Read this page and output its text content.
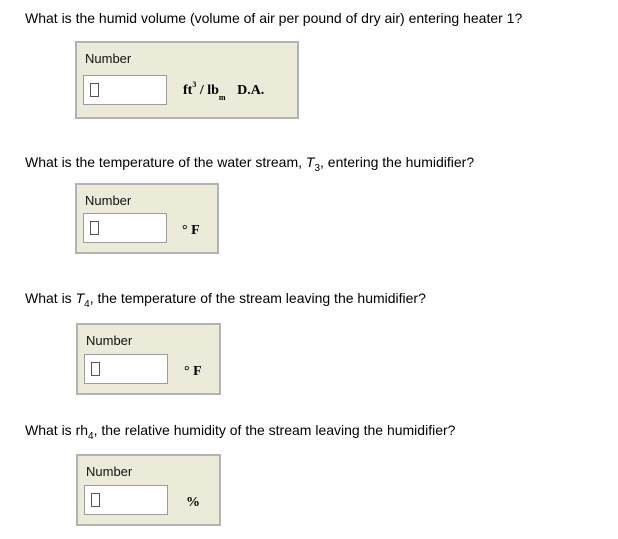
What is the humid volume (volume of air per pound of dry air) entering heater 1?
Number
$ft^3 / lb_m$ D.A.
What is the temperature of the water stream, $T_3$, entering the humidifier?
Number
° F
What is $T_4$, the temperature of the stream leaving the humidifier?
Number
° F
What is $rh_4$, the relative humidity of the stream leaving the humidifier?
Number
%
